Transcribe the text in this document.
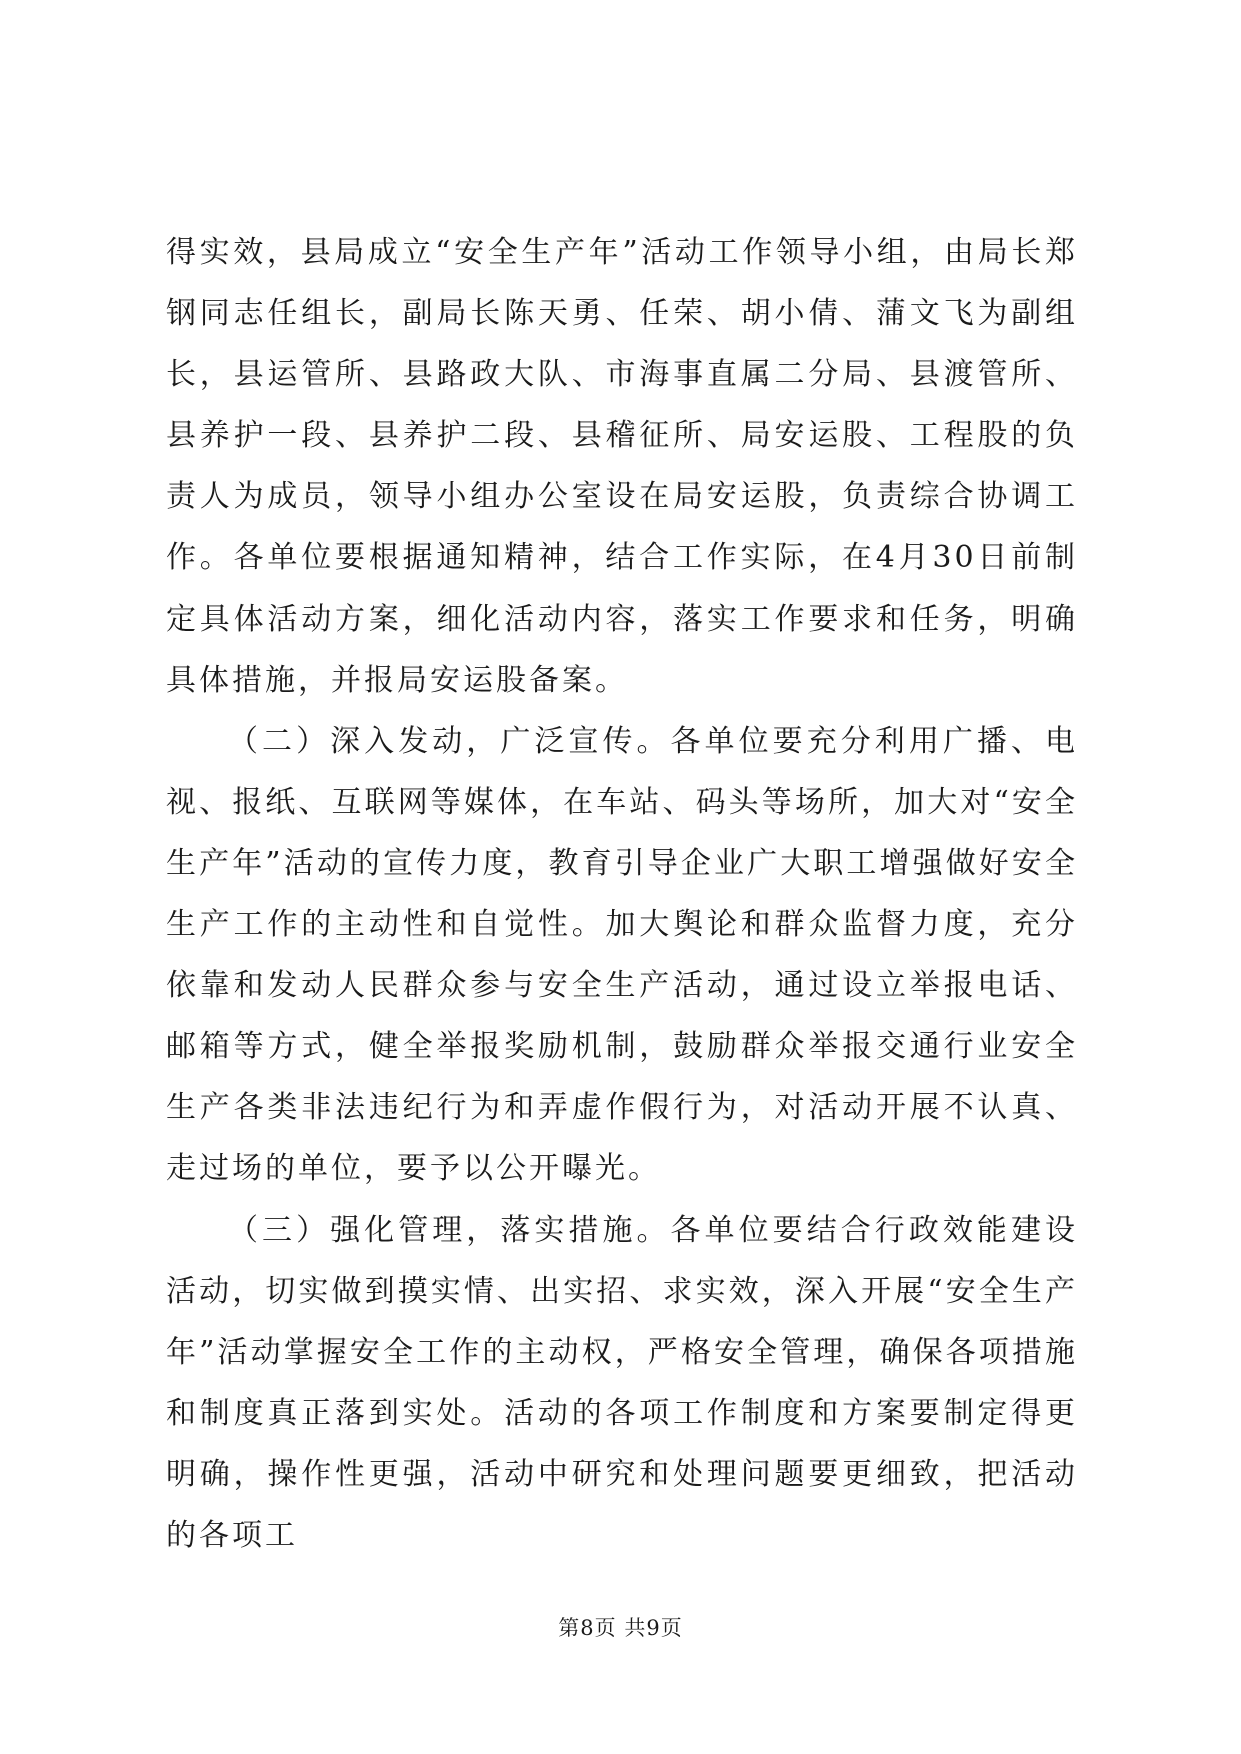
得实效，县局成立“安全生产年”活动工作领导小组，由局长郑钢同志任组长，副局长陈天勇、任荣、胡小倩、蒲文飞为副组长，县运管所、县路政大队、市海事直属二分局、县渡管所、县养护一段、县养护二段、县稽征所、局安运股、工程股的负责人为成员，领导小组办公室设在局安运股，负责综合协调工作。各单位要根据通知精神，结合工作实际，在4月30日前制定具体活动方案，细化活动内容，落实工作要求和任务，明确具体措施，并报局安运股备案。

（二）深入发动，广泛宣传。各单位要充分利用广播、电视、报纸、互联网等媒体，在车站、码头等场所，加大对“安全生产年”活动的宣传力度，教育引导企业广大职工增强做好安全生产工作的主动性和自觉性。加大舆论和群众监督力度，充分依靠和发动人民群众参与安全生产活动，通过设立举报电话、邮箱等方式，健全举报奖励机制，鼓励群众举报交通行业安全生产各类非法违纪行为和弄虚作假行为，对活动开展不认真、走过场的单位，要予以公开曝光。

（三）强化管理，落实措施。各单位要结合行政效能建设活动，切实做到摸实情、出实招、求实效，深入开展“安全生产年”活动掌握安全工作的主动权，严格安全管理，确保各项措施和制度真正落到实处。活动的各项工作制度和方案要制定得更明确，操作性更强，活动中研究和处理问题要更细致，把活动的各项工

第8页 共9页
